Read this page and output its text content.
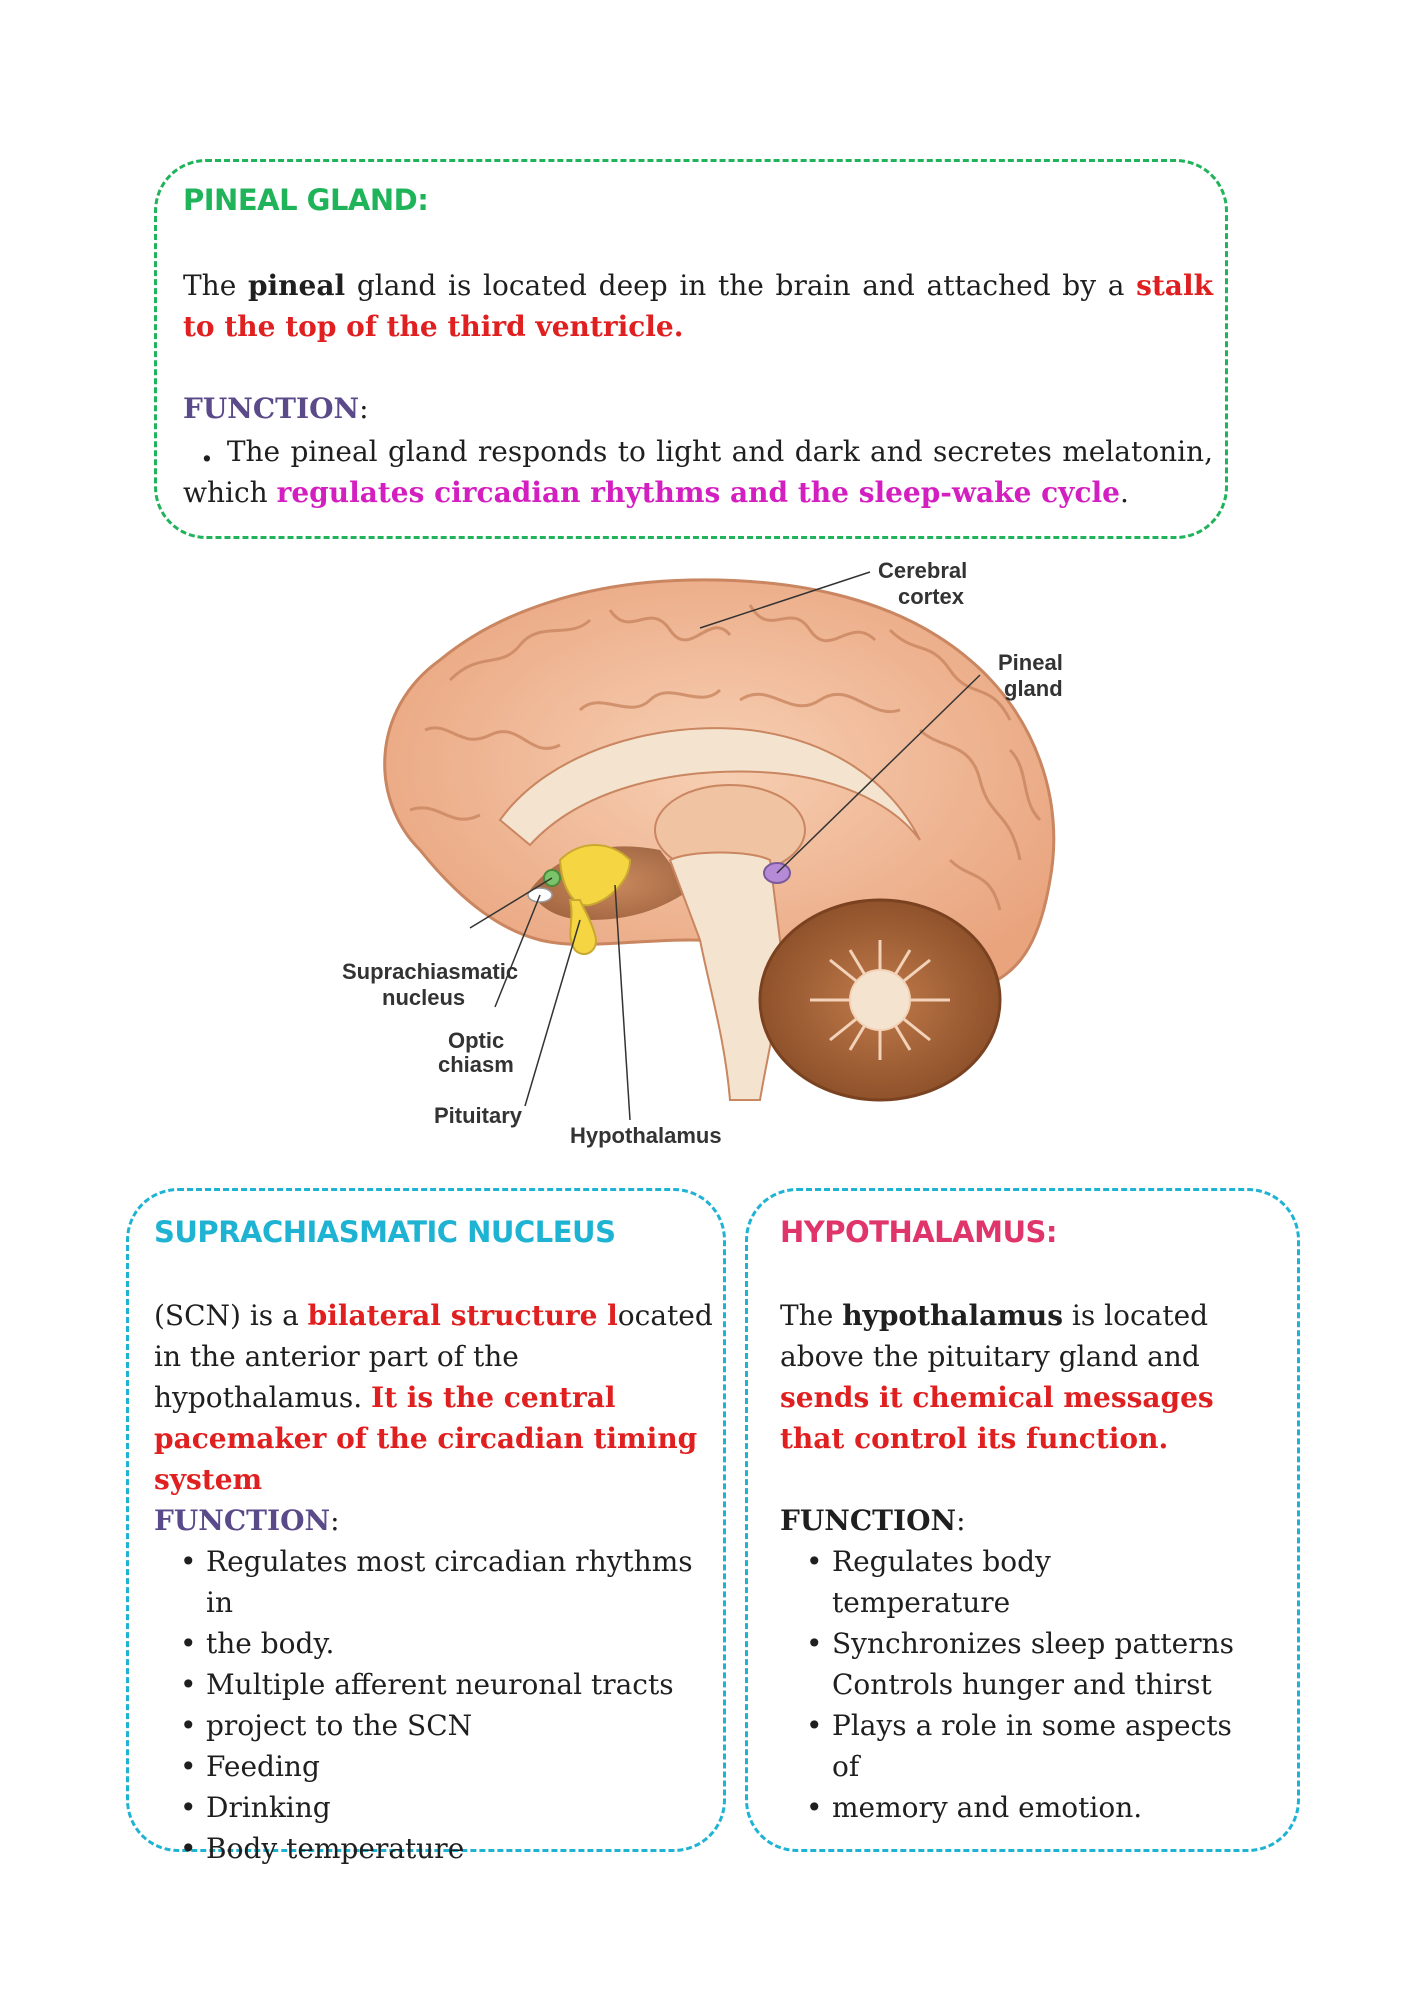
PINEAL GLAND:

The pineal gland is located deep in the brain and attached by a stalk to the top of the third ventricle.

FUNCTION:

. The pineal gland responds to light and dark and secretes melatonin, which regulates circadian rhythms and the sleep-wake cycle.

Cerebral
cortex
Pineal
gland
Suprachiasmatic
nucleus
Optic
chiasm
Pituitary
Hypothalamus
SUPRACHIASMATIC NUCLEUS

(SCN) is a bilateral structure located in the anterior part of the hypothalamus. It is the central pacemaker of the circadian timing system

FUNCTION:

• Regulates most circadian rhythms in
• the body.
• Multiple afferent neuronal tracts
• project to the SCN
• Feeding
• Drinking
• Body temperature
HYPOTHALAMUS:

The hypothalamus is located above the pituitary gland and sends it chemical messages that control its function.

FUNCTION:

• Regulates body temperature
• Synchronizes sleep patterns Controls hunger and thirst
• Plays a role in some aspects of
• memory and emotion.
